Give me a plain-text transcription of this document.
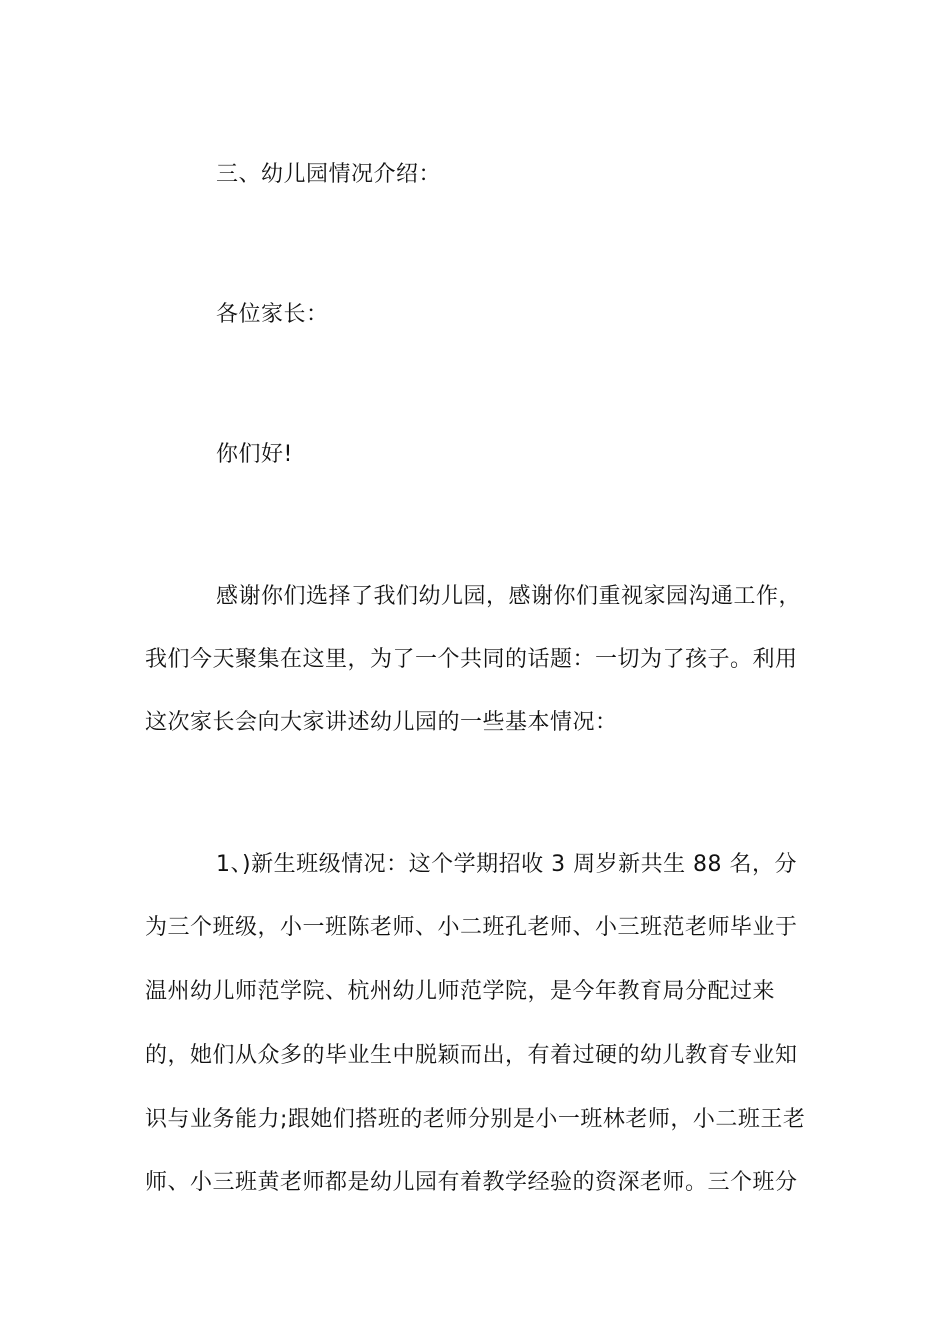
三、幼儿园情况介绍：
各位家长：
你们好!
感谢你们选择了我们幼儿园，感谢你们重视家园沟通工作，
我们今天聚集在这里，为了一个共同的话题：一切为了孩子。利用
这次家长会向大家讲述幼儿园的一些基本情况：
1、)新生班级情况：这个学期招收 3 周岁新共生 88 名，分
为三个班级，小一班陈老师、小二班孔老师、小三班范老师毕业于
温州幼儿师范学院、杭州幼儿师范学院，是今年教育局分配过来
的，她们从众多的毕业生中脱颖而出，有着过硬的幼儿教育专业知
识与业务能力;跟她们搭班的老师分别是小一班林老师，小二班王老
师、小三班黄老师都是幼儿园有着教学经验的资深老师。三个班分
